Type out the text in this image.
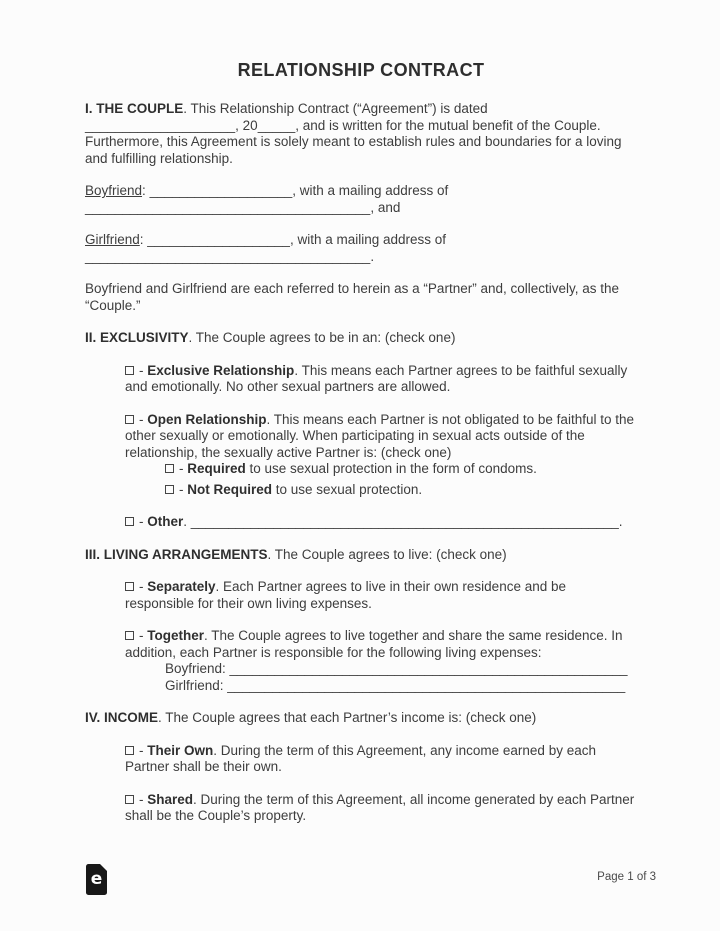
RELATIONSHIP CONTRACT

I. THE COUPLE. This Relationship Contract (“Agreement”) is dated
____________________, 20_____, and is written for the mutual benefit of the Couple. Furthermore, this Agreement is solely meant to establish rules and boundaries for a loving and fulfilling relationship.

Boyfriend: ___________________, with a mailing address of ______________________________________, and

Girlfriend: ___________________, with a mailing address of ______________________________________.

Boyfriend and Girlfriend are each referred to herein as a “Partner” and, collectively, as the “Couple.”

II. EXCLUSIVITY. The Couple agrees to be in an: (check one)

- Exclusive Relationship. This means each Partner agrees to be faithful sexually and emotionally. No other sexual partners are allowed.
- Open Relationship. This means each Partner is not obligated to be faithful to the other sexually or emotionally. When participating in sexual acts outside of the relationship, the sexually active Partner is: (check one)
- Required to use sexual protection in the form of condoms.
- Not Required to use sexual protection.
- Other. _________________________________________________________.

III. LIVING ARRANGEMENTS. The Couple agrees to live: (check one)

- Separately. Each Partner agrees to live in their own residence and be responsible for their own living expenses.
- Together. The Couple agrees to live together and share the same residence. In addition, each Partner is responsible for the following living expenses:
Boyfriend: _____________________________________________________
Girlfriend: _____________________________________________________

IV. INCOME. The Couple agrees that each Partner’s income is: (check one)

- Their Own. During the term of this Agreement, any income earned by each Partner shall be their own.
- Shared. During the term of this Agreement, all income generated by each Partner shall be the Couple’s property.
e	Page 1 of 3
